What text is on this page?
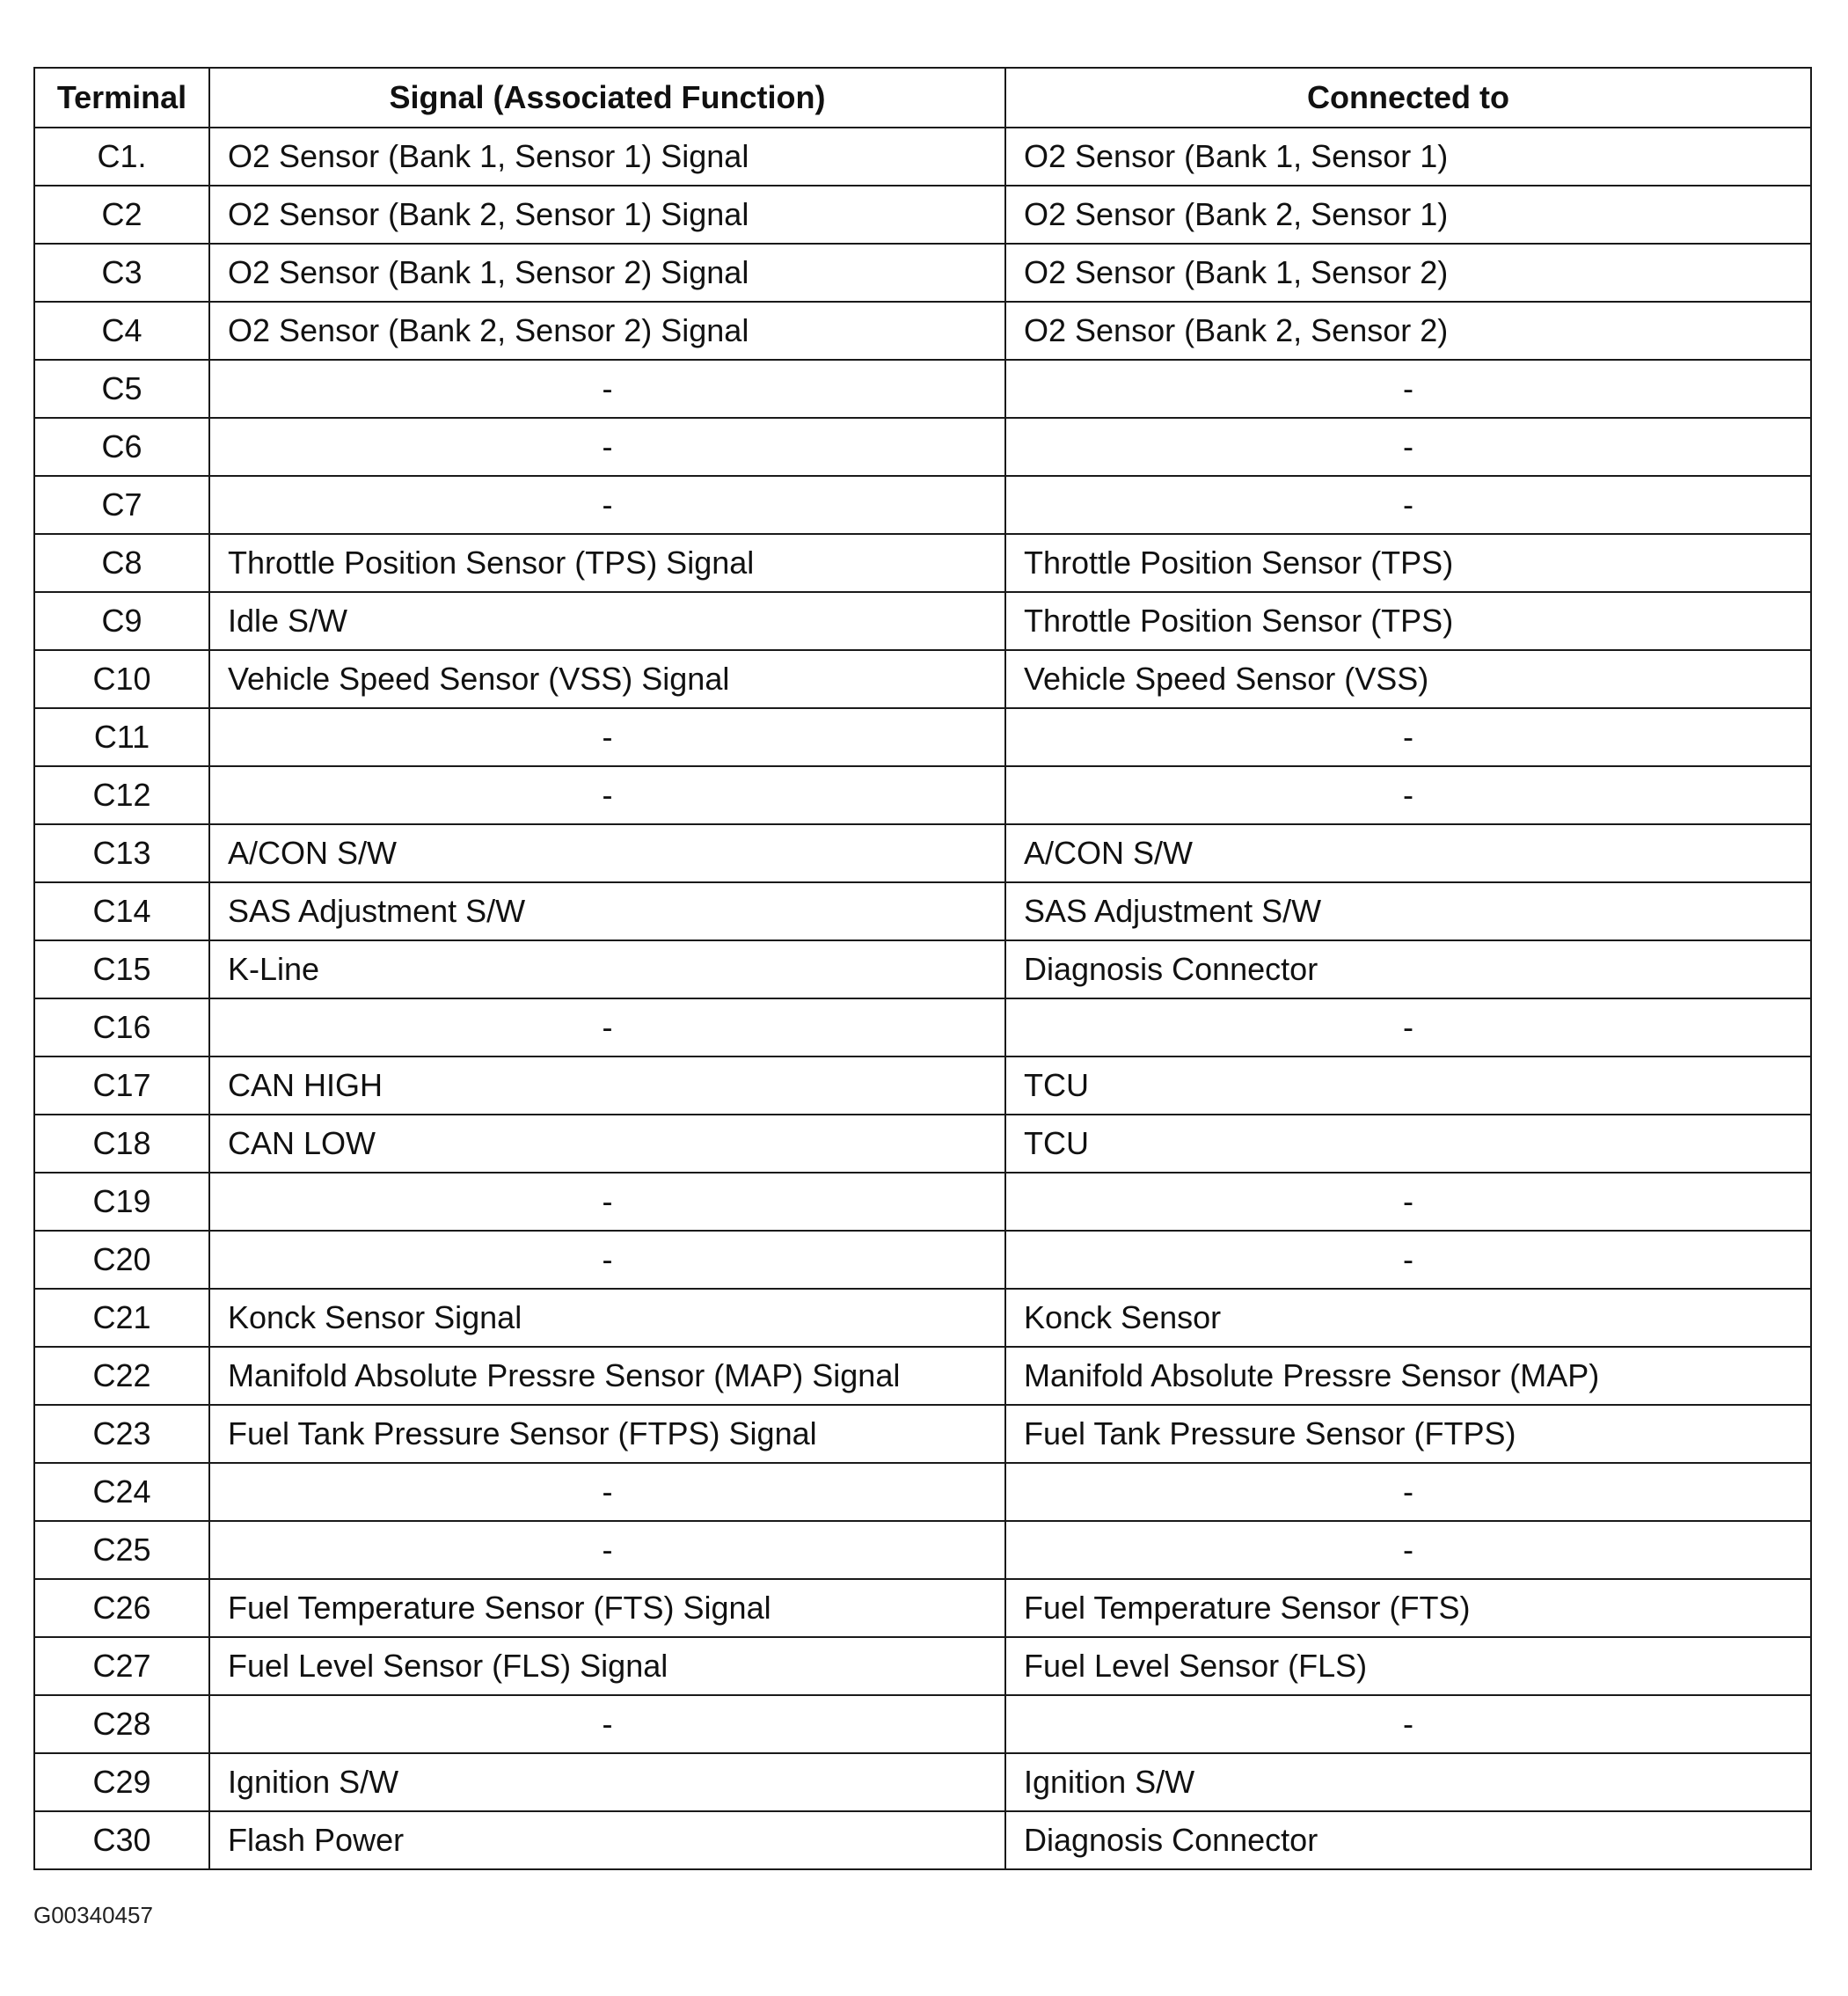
Terminal	Signal (Associated Function)	Connected to
C1.	O2 Sensor (Bank 1, Sensor 1) Signal	O2 Sensor (Bank 1, Sensor 1)
C2	O2 Sensor (Bank 2, Sensor 1) Signal	O2 Sensor (Bank 2, Sensor 1)
C3	O2 Sensor (Bank 1, Sensor 2) Signal	O2 Sensor (Bank 1, Sensor 2)
C4	O2 Sensor (Bank 2, Sensor 2) Signal	O2 Sensor (Bank 2, Sensor 2)
C5	-	-
C6	-	-
C7	-	-
C8	Throttle Position Sensor (TPS) Signal	Throttle Position Sensor (TPS)
C9	Idle S/W	Throttle Position Sensor (TPS)
C10	Vehicle Speed Sensor (VSS) Signal	Vehicle Speed Sensor (VSS)
C11	-	-
C12	-	-
C13	A/CON S/W	A/CON S/W
C14	SAS Adjustment S/W	SAS Adjustment S/W
C15	K-Line	Diagnosis Connector
C16	-	-
C17	CAN HIGH	TCU
C18	CAN LOW	TCU
C19	-	-
C20	-	-
C21	Konck Sensor Signal	Konck Sensor
C22	Manifold Absolute Pressre Sensor (MAP) Signal	Manifold Absolute Pressre Sensor (MAP)
C23	Fuel Tank Pressure Sensor (FTPS) Signal	Fuel Tank Pressure Sensor (FTPS)
C24	-	-
C25	-	-
C26	Fuel Temperature Sensor (FTS) Signal	Fuel Temperature Sensor (FTS)
C27	Fuel Level Sensor (FLS) Signal	Fuel Level Sensor (FLS)
C28	-	-
C29	Ignition S/W	Ignition S/W
C30	Flash Power	Diagnosis Connector
G00340457
